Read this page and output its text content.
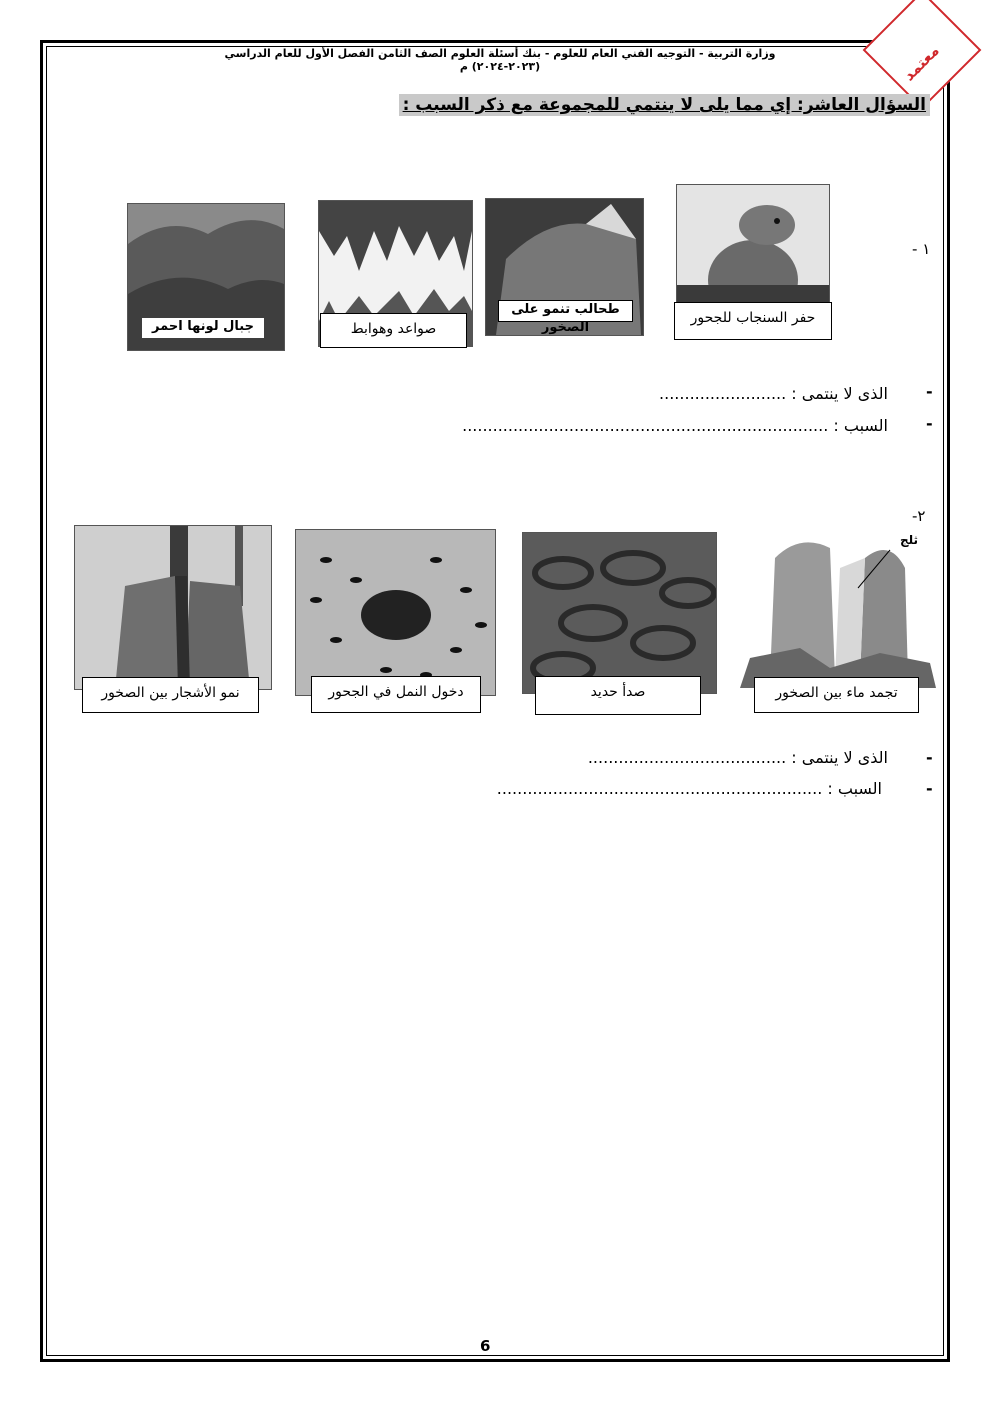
معتمد
وزارة التربية - التوجيه الفني العام للعلوم - بنك أسئلة العلوم الصف الثامن الفصل الأول للعام الدراسي (٢٠٢٣-٢٠٢٤) م
السؤال العاشر: إي مما يلى لا ينتمي للمجموعة مع ذكر السبب :
١ -
حفر السنجاب للجحور
طحالب تنمو على الصخور
صواعد وهوابط
جبال لونها احمر
-
الذى لا ينتمى : .........................
-
السبب : ........................................................................
٢-
ثلج
تجمد ماء بين الصخور
صدأ حديد
دخول النمل في الجحور
نمو الأشجار بين الصخور
-
الذى لا ينتمى : .......................................
-
السبب : ................................................................
6
